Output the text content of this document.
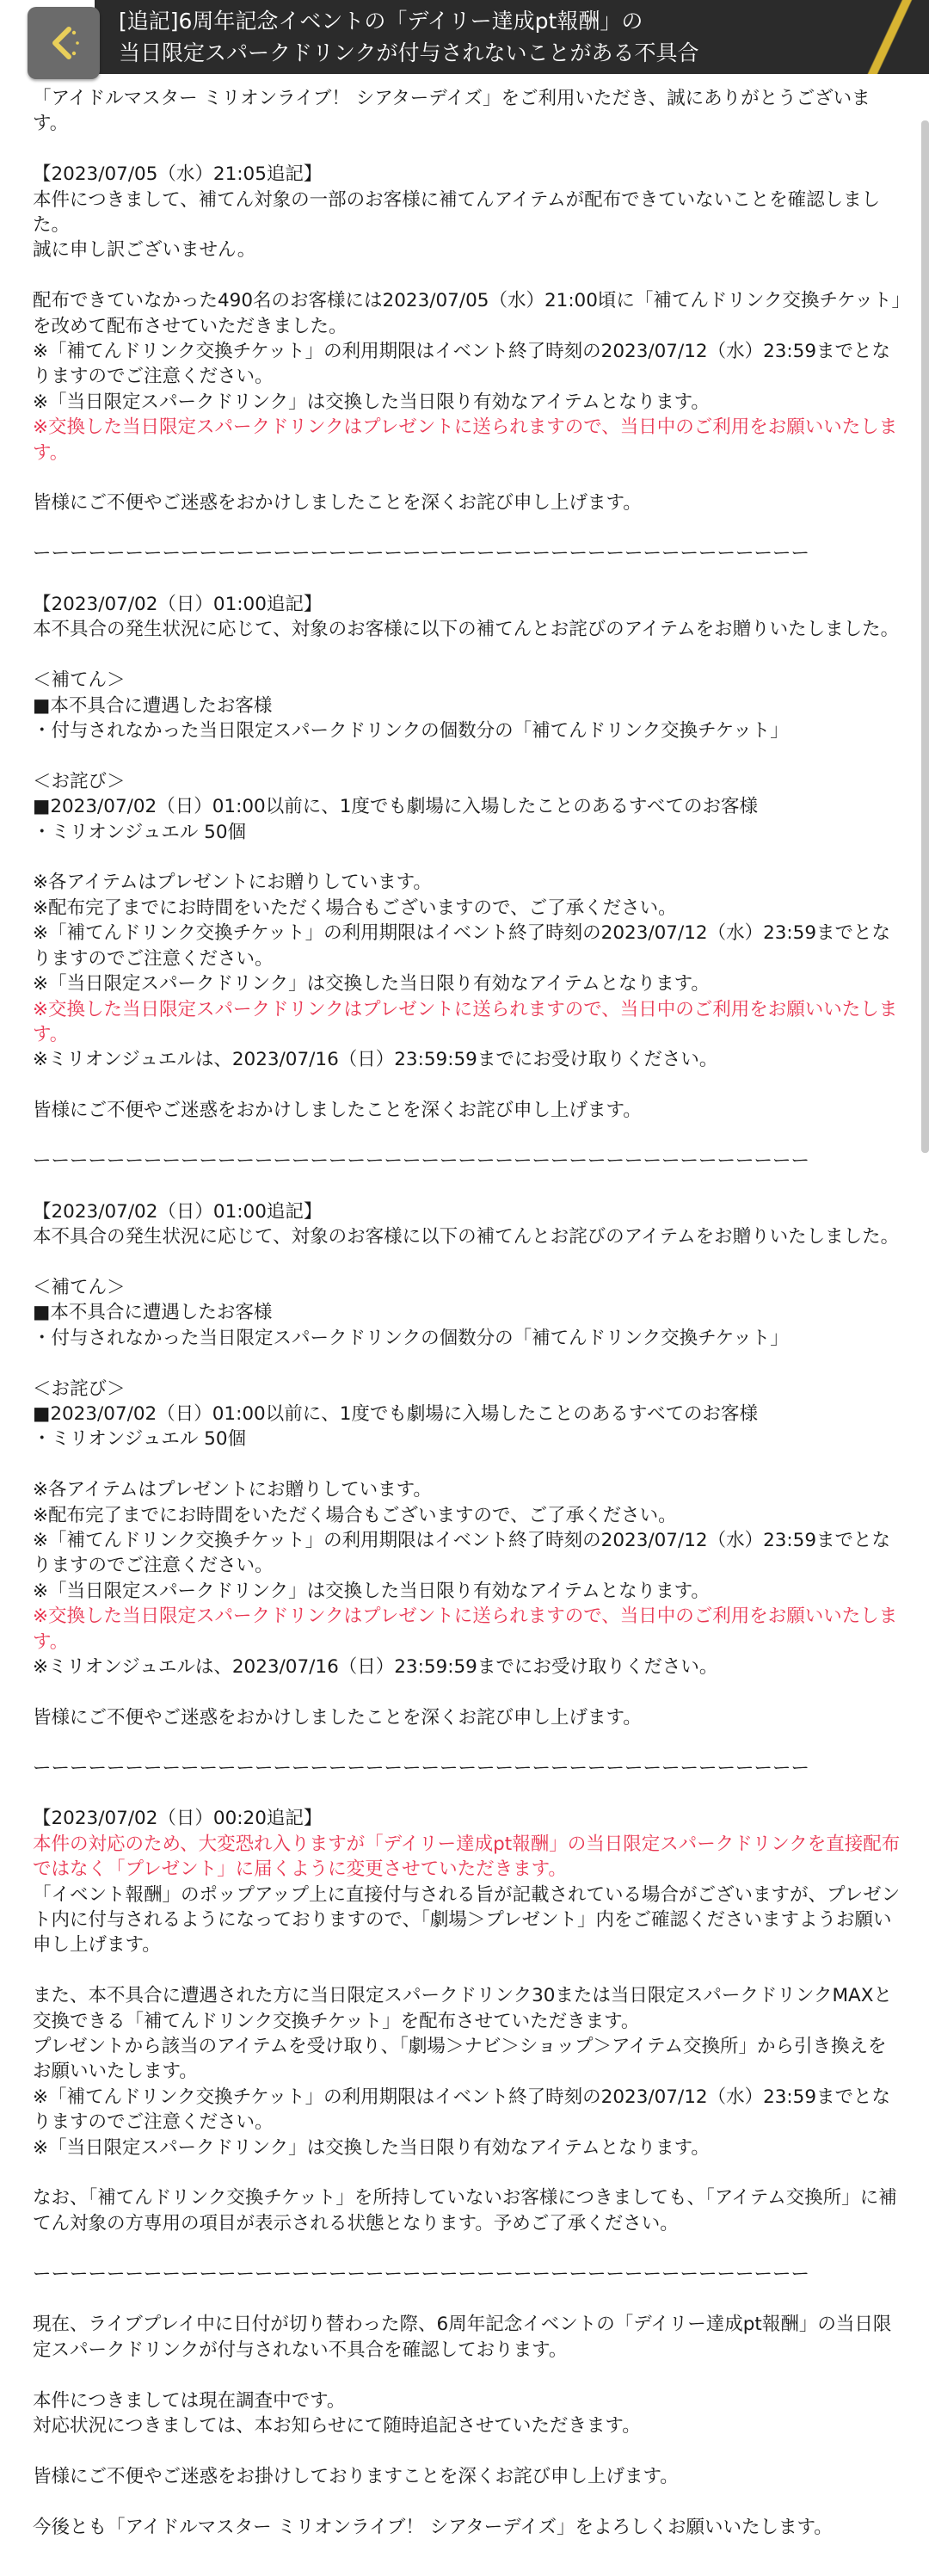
[追記]6周年記念イベントの「デイリー達成pt報酬」の
当日限定スパークドリンクが付与されないことがある不具合

「アイドルマスター ミリオンライブ！ シアターデイズ」をご利用いただき、誠にありがとうございます。

【2023/07/05（水）21:05追記】

本件につきまして、補てん対象の一部のお客様に補てんアイテムが配布できていないことを確認しました。
誠に申し訳ございません。

配布できていなかった490名のお客様には2023/07/05（水）21:00頃に「補てんドリンク交換チケット」を改めて配布させていただきました。
※「補てんドリンク交換チケット」の利用期限はイベント終了時刻の2023/07/12（水）23:59までとなりますのでご注意ください。
※「当日限定スパークドリンク」は交換した当日限り有効なアイテムとなります。

※交換した当日限定スパークドリンクはプレゼントに送られますので、当日中のご利用をお願いいたします。

皆様にご不便やご迷惑をおかけしましたことを深くお詫び申し上げます。

ーーーーーーーーーーーーーーーーーーーーーーーーーーーーーーーーーーーーーーーーーー

【2023/07/02（日）01:00追記】

本不具合の発生状況に応じて、対象のお客様に以下の補てんとお詫びのアイテムをお贈りいたしました。

＜補てん＞
■本不具合に遭遇したお客様
・付与されなかった当日限定スパークドリンクの個数分の「補てんドリンク交換チケット」

＜お詫び＞
■2023/07/02（日）01:00以前に、1度でも劇場に入場したことのあるすべてのお客様
・ミリオンジュエル 50個

※各アイテムはプレゼントにお贈りしています。
※配布完了までにお時間をいただく場合もございますので、ご了承ください。
※「補てんドリンク交換チケット」の利用期限はイベント終了時刻の2023/07/12（水）23:59までとなりますのでご注意ください。
※「当日限定スパークドリンク」は交換した当日限り有効なアイテムとなります。
※交換した当日限定スパークドリンクはプレゼントに送られますので、当日中のご利用をお願いいたします。

※ミリオンジュエルは、2023/07/16（日）23:59:59までにお受け取りください。

皆様にご不便やご迷惑をおかけしましたことを深くお詫び申し上げます。

ーーーーーーーーーーーーーーーーーーーーーーーーーーーーーーーーーーーーーーーーーー

【2023/07/02（日）01:00追記】

本不具合の発生状況に応じて、対象のお客様に以下の補てんとお詫びのアイテムをお贈りいたしました。

＜補てん＞
■本不具合に遭遇したお客様
・付与されなかった当日限定スパークドリンクの個数分の「補てんドリンク交換チケット」

＜お詫び＞
■2023/07/02（日）01:00以前に、1度でも劇場に入場したことのあるすべてのお客様
・ミリオンジュエル 50個

※各アイテムはプレゼントにお贈りしています。
※配布完了までにお時間をいただく場合もございますので、ご了承ください。
※「補てんドリンク交換チケット」の利用期限はイベント終了時刻の2023/07/12（水）23:59までとなりますのでご注意ください。
※「当日限定スパークドリンク」は交換した当日限り有効なアイテムとなります。
※交換した当日限定スパークドリンクはプレゼントに送られますので、当日中のご利用をお願いいたします。

※ミリオンジュエルは、2023/07/16（日）23:59:59までにお受け取りください。

皆様にご不便やご迷惑をおかけしましたことを深くお詫び申し上げます。

ーーーーーーーーーーーーーーーーーーーーーーーーーーーーーーーーーーーーーーーーーー

【2023/07/02（日）00:20追記】
本件の対応のため、大変恐れ入りますが「デイリー達成pt報酬」の当日限定スパークドリンクを直接配布ではなく「プレゼント」に届くように変更させていただきます。

「イベント報酬」のポップアップ上に直接付与される旨が記載されている場合がございますが、プレゼント内に付与されるようになっておりますので、「劇場＞プレゼント」内をご確認くださいますようお願い申し上げます。

また、本不具合に遭遇された方に当日限定スパークドリンク30または当日限定スパークドリンクMAXと交換できる「補てんドリンク交換チケット」を配布させていただきます。
プレゼントから該当のアイテムを受け取り、「劇場＞ナビ＞ショップ＞アイテム交換所」から引き換えをお願いいたします。
※「補てんドリンク交換チケット」の利用期限はイベント終了時刻の2023/07/12（水）23:59までとなりますのでご注意ください。
※「当日限定スパークドリンク」は交換した当日限り有効なアイテムとなります。

なお、「補てんドリンク交換チケット」を所持していないお客様につきましても、「アイテム交換所」に補てん対象の方専用の項目が表示される状態となります。予めご了承ください。

ーーーーーーーーーーーーーーーーーーーーーーーーーーーーーーーーーーーーーーーーーー

現在、ライブプレイ中に日付が切り替わった際、6周年記念イベントの「デイリー達成pt報酬」の当日限定スパークドリンクが付与されない不具合を確認しております。

本件につきましては現在調査中です。
対応状況につきましては、本お知らせにて随時追記させていただきます。

皆様にご不便やご迷惑をお掛けしておりますことを深くお詫び申し上げます。

今後とも「アイドルマスター ミリオンライブ！ シアターデイズ」をよろしくお願いいたします。
